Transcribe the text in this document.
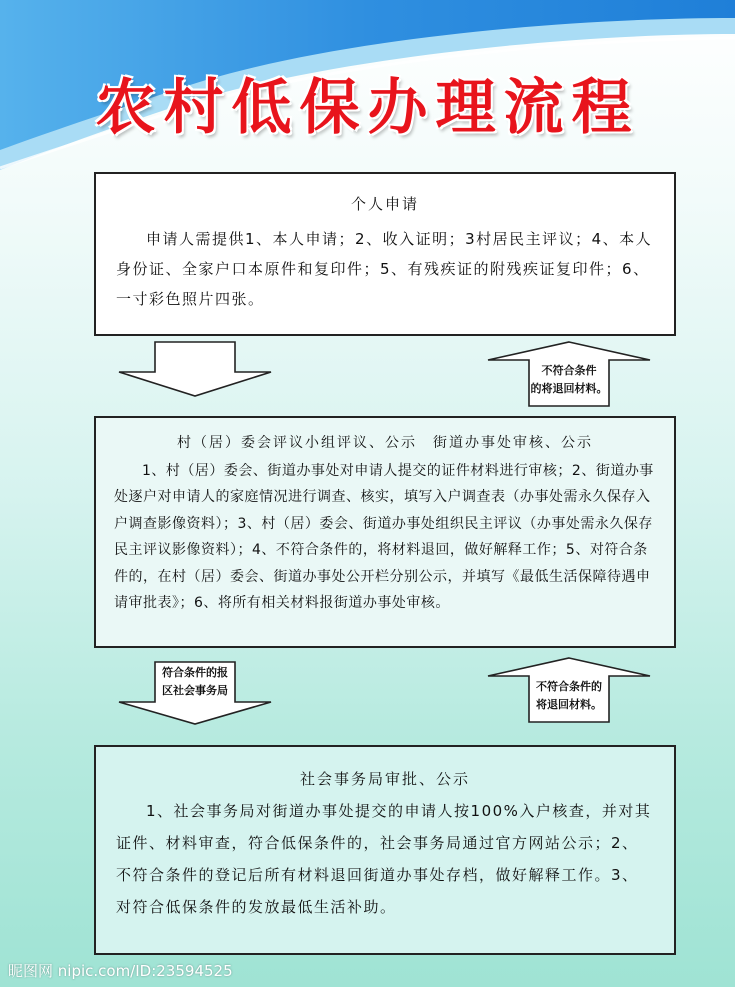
农村低保办理流程
个人申请
申请人需提供1、本人申请；2、收入证明；3村居民主评议；4、本人身份证、全家户口本原件和复印件；5、有残疾证的附残疾证复印件；6、一寸彩色照片四张。
不符合条件
的将退回材料。
村（居）委会评议小组评议、公示　街道办事处审核、公示
1、村（居）委会、街道办事处对申请人提交的证件材料进行审核；2、街道办事处逐户对申请人的家庭情况进行调查、核实，填写入户调查表（办事处需永久保存入户调查影像资料）；3、村（居）委会、街道办事处组织民主评议（办事处需永久保存民主评议影像资料）；4、不符合条件的，将材料退回，做好解释工作；5、对符合条件的，在村（居）委会、街道办事处公开栏分别公示，并填写《最低生活保障待遇申请审批表》；6、将所有相关材料报街道办事处审核。
符合条件的报
区社会事务局	不符合条件的
将退回材料。
社会事务局审批、公示
1、社会事务局对街道办事处提交的申请人按100%入户核查，并对其证件、材料审查，符合低保条件的，社会事务局通过官方网站公示；2、不符合条件的登记后所有材料退回街道办事处存档，做好解释工作。3、对符合低保条件的发放最低生活补助。
昵图网 nipic.com/ID:23594525
